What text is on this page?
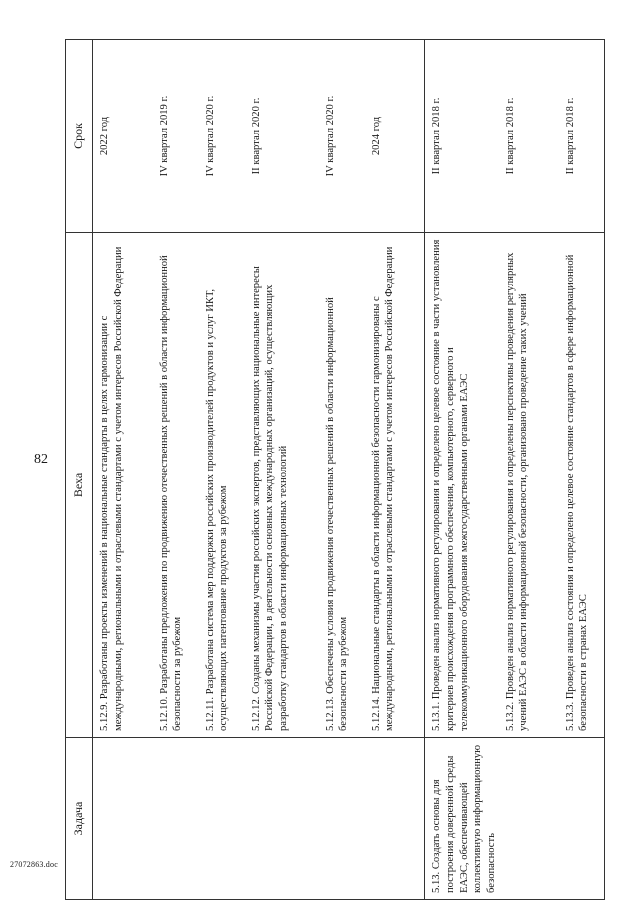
82
Задача	Веха	Срок
	5.12.9. Разработаны проекты изменений в национальные стандарты в целях гармонизации с международными, региональными и отраслевыми стандартами с учетом интересов Российской Федерации	2022 год
	5.12.10. Разработаны предложения по продвижению отечественных решений в области информационной безопасности за рубежом	IV квартал 2019 г.
	5.12.11. Разработана система мер поддержки российских производителей продуктов и услуг ИКТ, осуществляющих патентование продуктов за рубежом	IV квартал 2020 г.
	5.12.12. Созданы механизмы участия российских экспертов, представляющих национальные интересы Российской Федерации, в деятельности основных международных организаций, осуществляющих разработку стандартов в области информационных технологий	II квартал 2020 г.
	5.12.13. Обеспечены условия продвижения отечественных решений в области информационной безопасности за рубежом	IV квартал 2020 г.
	5.12.14. Национальные стандарты в области информационной безопасности гармонизированы с международными, региональными и отраслевыми стандартами с учетом интересов Российской Федерации	2024 год
5.13. Создать основы для построения доверенной среды ЕАЭС, обеспечивающей коллективную информационную безопасность	5.13.1. Проведен анализ нормативного регулирования и определено целевое состояние в части установления критериев происхождения программного обеспечения, компьютерного, серверного и телекоммуникационного оборудования межгосударственными органами ЕАЭС	II квартал 2018 г.
	5.13.2. Проведен анализ нормативного регулирования и определены перспективы проведения регулярных учений ЕАЭС в области информационной безопасности, организовано проведение таких учений	II квартал 2018 г.
	5.13.3. Проведен анализ состояния и определено целевое состояние стандартов в сфере информационной безопасности в странах ЕАЭС	II квартал 2018 г.
27072863.doc
